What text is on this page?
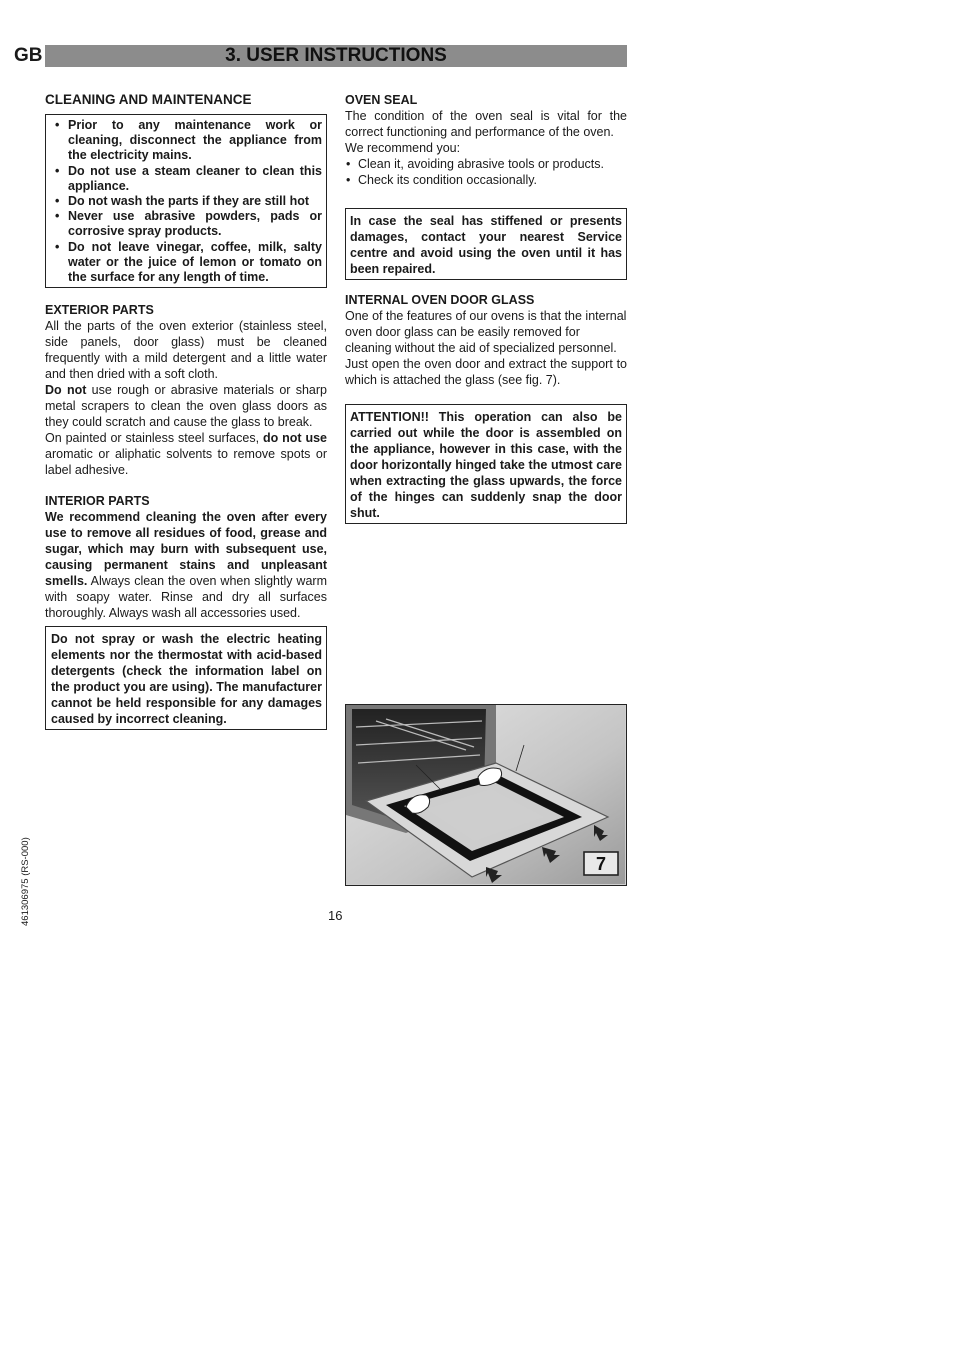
GB	3. USER INSTRUCTIONS
CLEANING AND MAINTENANCE
• Prior to any maintenance work or cleaning, disconnect the appliance from the electricity mains.
• Do not use a steam cleaner to clean this appliance.
• Do not wash the parts if they are still hot
• Never use abrasive powders, pads or corrosive spray products.
• Do not leave vinegar, coffee, milk, salty water or the juice of lemon or tomato on the surface for any length of time.
EXTERIOR PARTS

All the parts of the oven exterior (stainless steel, side panels, door glass) must be cleaned frequently with a mild detergent and a little water and then dried with a soft cloth.

Do not use rough or abrasive materials or sharp metal scrapers to clean the oven glass doors as they could scratch and cause the glass to break.

On painted or stainless steel surfaces, do not use aromatic or aliphatic solvents to remove spots or label adhesive.

INTERIOR PARTS

We recommend cleaning the oven after every use to remove all residues of food, grease and sugar, which may burn with subsequent use, causing permanent stains and unpleasant smells. Always clean the oven when slightly warm with soapy water. Rinse and dry all surfaces thoroughly. Always wash all accessories used.

Do not spray or wash the electric heating elements nor the thermostat with acid-based detergents (check the information label on the product you are using). The manufacturer cannot be held responsible for any damages caused by incorrect cleaning.

OVEN SEAL

The condition of the oven seal is vital for the correct functioning and performance of the oven.

We recommend you:

• Clean it, avoiding abrasive tools or products.
• Check its condition occasionally.

In case the seal has stiffened or presents damages, contact your nearest Service centre and avoid using the oven until it has been repaired.

INTERNAL OVEN DOOR GLASS

One of the features of our ovens is that the internal oven door glass can be easily removed for cleaning without the aid of specialized personnel.

Just open the oven door and extract the support to which is attached the glass (see fig. 7).

ATTENTION!! This operation can also be carried out while the door is assembled on the appliance, however in this case, with the door horizontally hinged take the utmost care when extracting the glass upwards, the force of the hinges can suddenly snap the door shut.

7
16
461306975 (RS-000)
